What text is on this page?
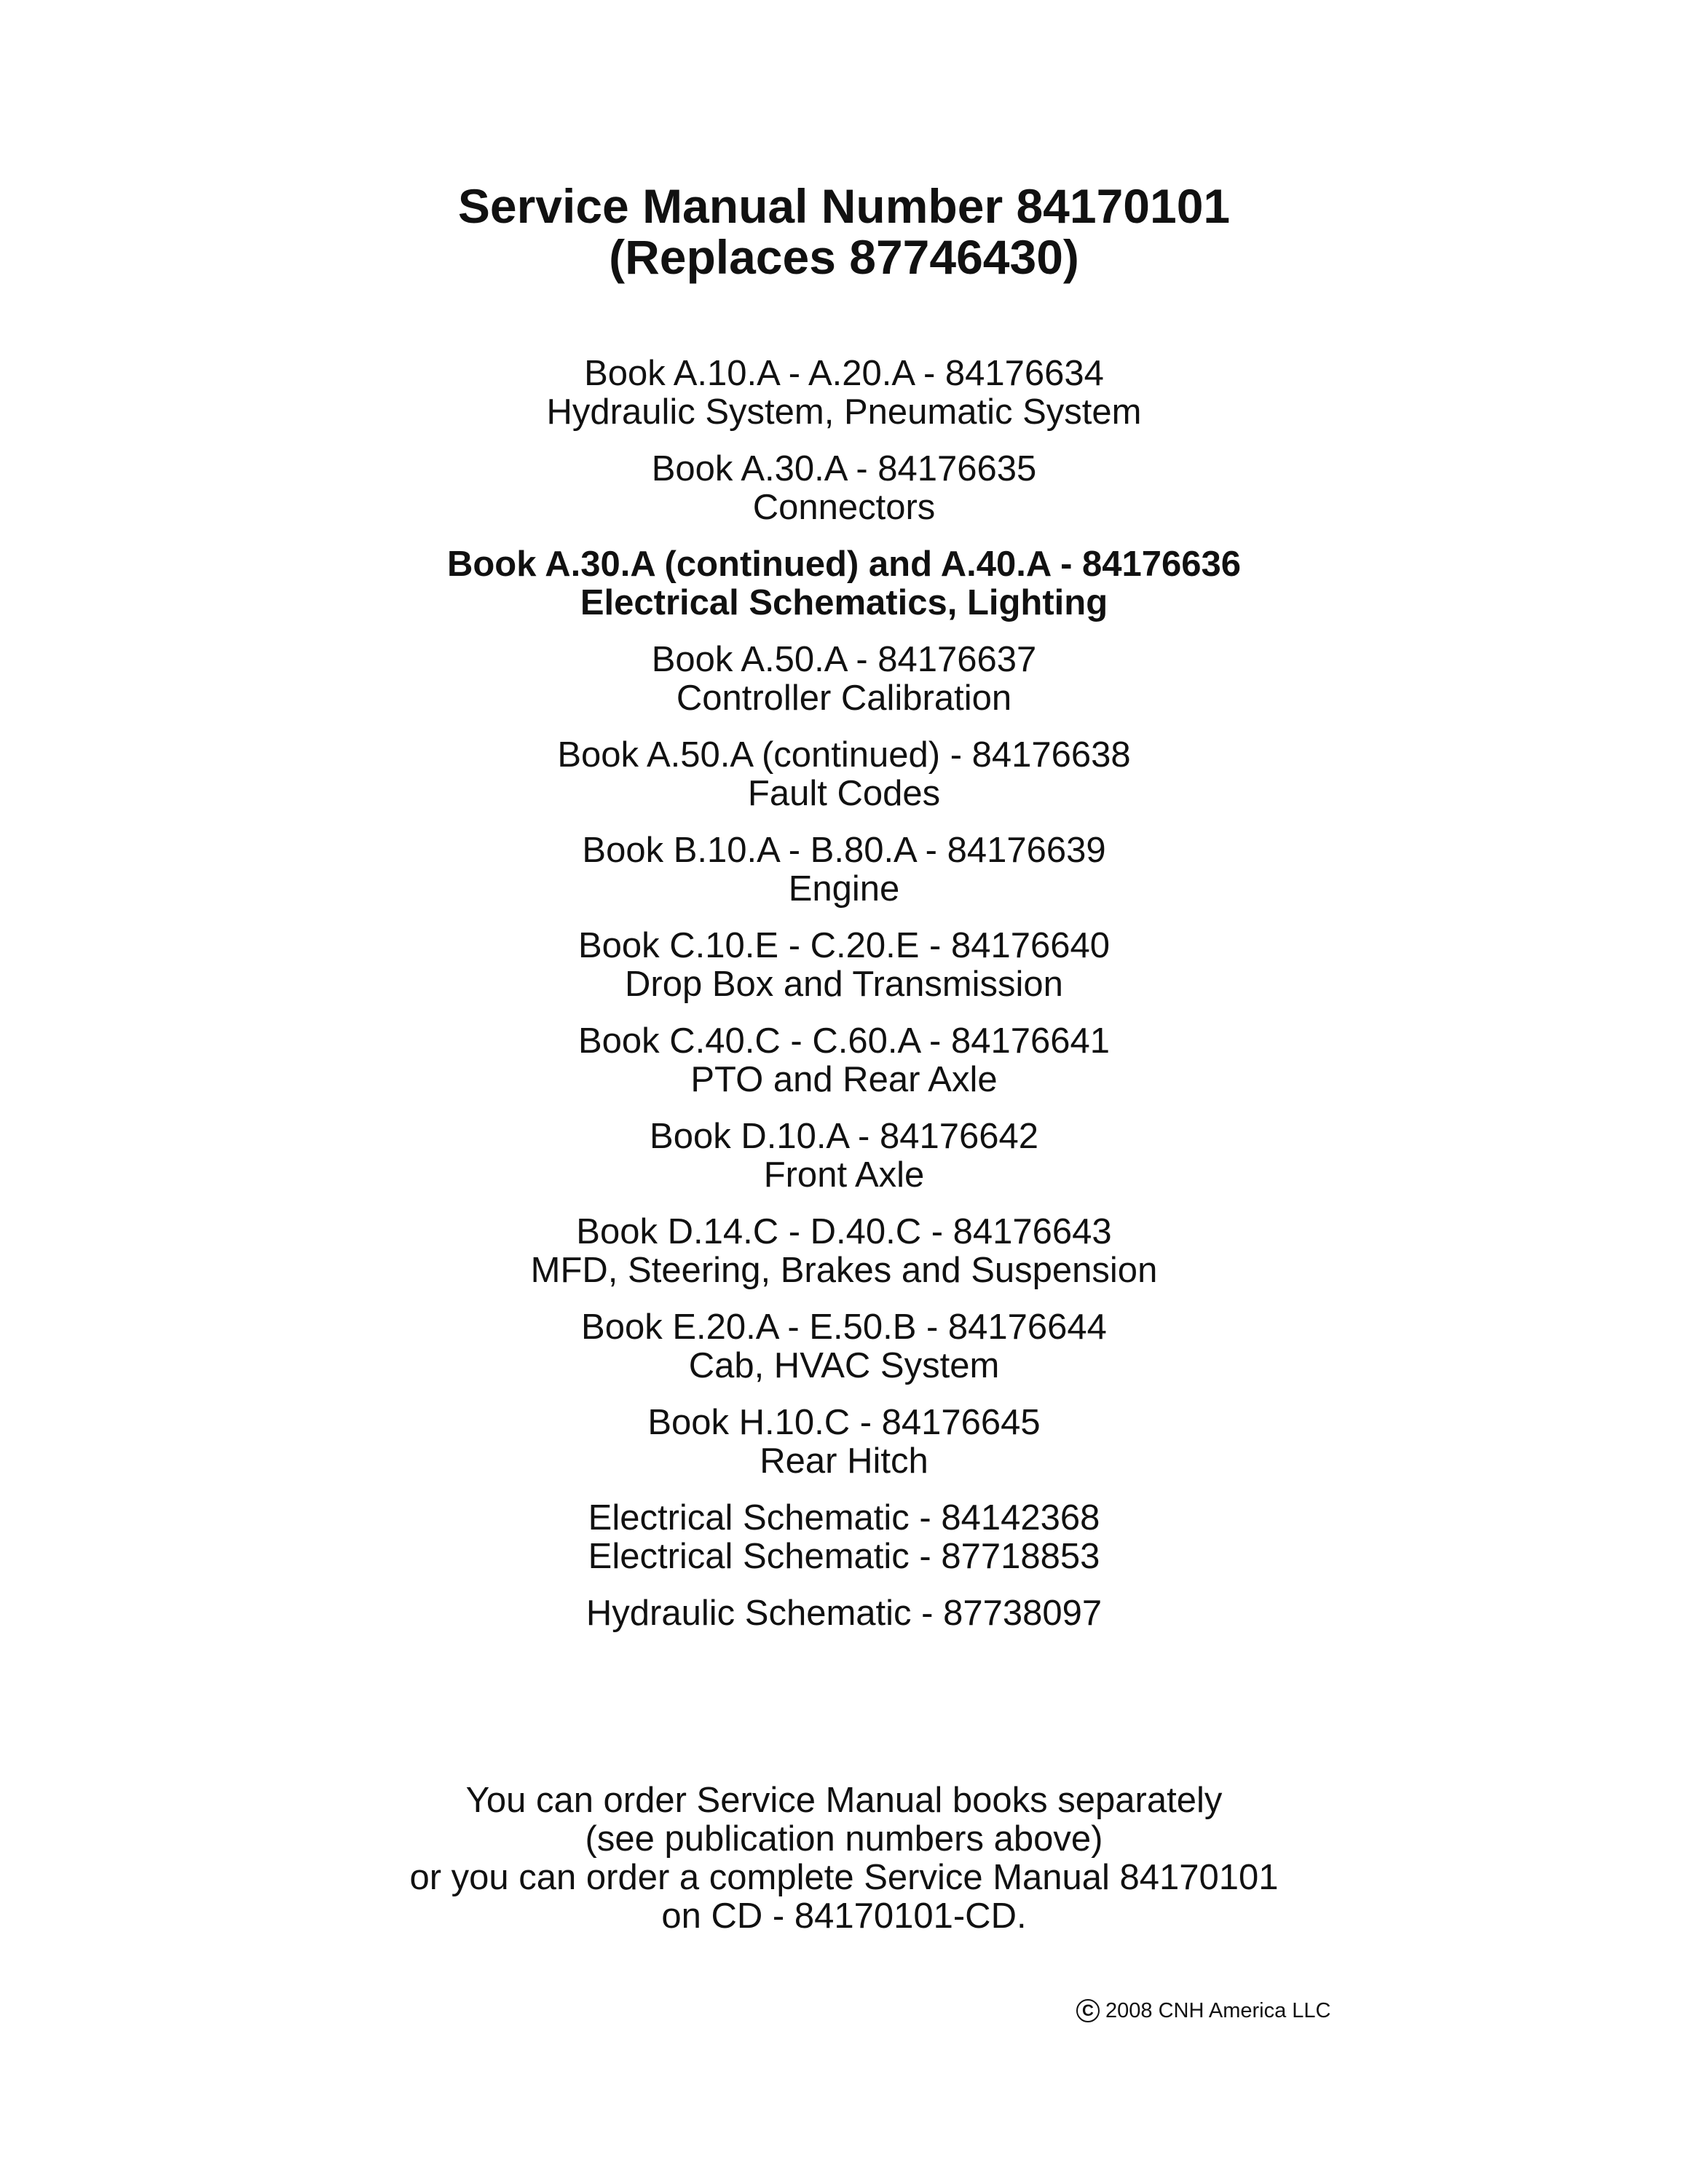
Service Manual Number 84170101
(Replaces 87746430)
Book A.10.A - A.20.A - 84176634
Hydraulic System, Pneumatic System
Book A.30.A - 84176635
Connectors
Book A.30.A (continued) and A.40.A - 84176636
Electrical Schematics, Lighting
Book A.50.A - 84176637
Controller Calibration
Book A.50.A (continued) - 84176638
Fault Codes
Book B.10.A - B.80.A - 84176639
Engine
Book C.10.E - C.20.E - 84176640
Drop Box and Transmission
Book C.40.C - C.60.A - 84176641
PTO and Rear Axle
Book D.10.A - 84176642
Front Axle
Book D.14.C - D.40.C - 84176643
MFD, Steering, Brakes and Suspension
Book E.20.A - E.50.B - 84176644
Cab, HVAC System
Book H.10.C - 84176645
Rear Hitch
Electrical Schematic - 84142368
Electrical Schematic - 87718853
Hydraulic Schematic - 87738097
You can order Service Manual books separately
(see publication numbers above)
or you can order a complete Service Manual 84170101
on CD - 84170101-CD.
C 2008 CNH America LLC
